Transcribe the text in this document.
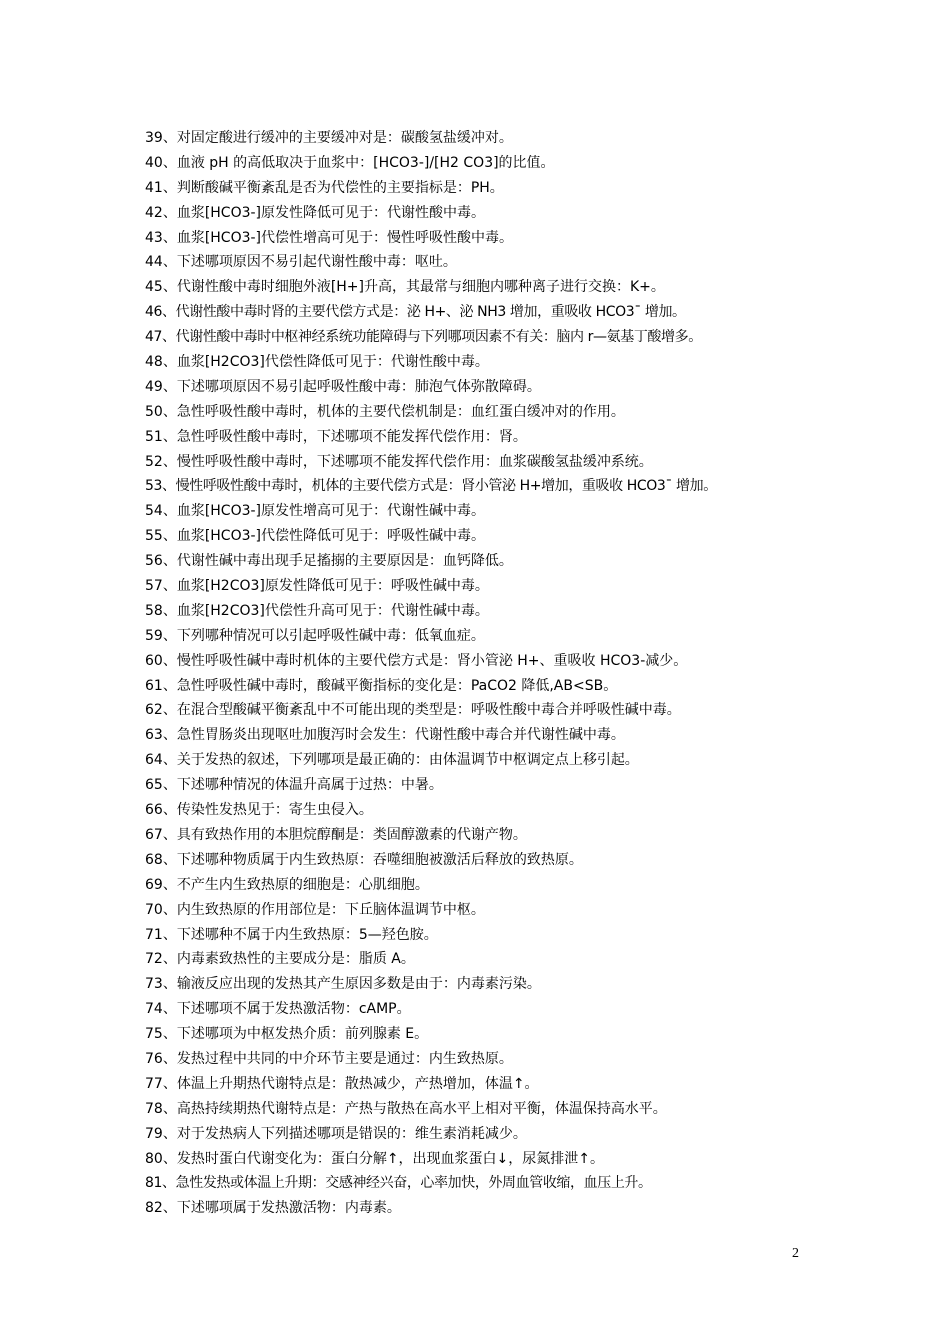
39、对固定酸进行缓冲的主要缓冲对是：碳酸氢盐缓冲对。
40、血液 pH 的高低取决于血浆中：[HCO3-]/[H2 CO3]的比值。
41、判断酸碱平衡紊乱是否为代偿性的主要指标是：PH。
42、血浆[HCO3-]原发性降低可见于：代谢性酸中毒。
43、血浆[HCO3-]代偿性增高可见于：慢性呼吸性酸中毒。
44、下述哪项原因不易引起代谢性酸中毒：呕吐。
45、代谢性酸中毒时细胞外液[H+]升高，其最常与细胞内哪种离子进行交换：K+。
46、代谢性酸中毒时肾的主要代偿方式是：泌 H+、泌 NH3 增加，重吸收 HCO3ˉ 增加。
47、代谢性酸中毒时中枢神经系统功能障碍与下列哪项因素不有关：脑内 r—氨基丁酸增多。
48、血浆[H2CO3]代偿性降低可见于：代谢性酸中毒。
49、下述哪项原因不易引起呼吸性酸中毒：肺泡气体弥散障碍。
50、急性呼吸性酸中毒时，机体的主要代偿机制是：血红蛋白缓冲对的作用。
51、急性呼吸性酸中毒时，下述哪项不能发挥代偿作用：肾。
52、慢性呼吸性酸中毒时，下述哪项不能发挥代偿作用：血浆碳酸氢盐缓冲系统。
53、慢性呼吸性酸中毒时，机体的主要代偿方式是：肾小管泌 H+增加，重吸收 HCO3ˉ 增加。
54、血浆[HCO3-]原发性增高可见于：代谢性碱中毒。
55、血浆[HCO3-]代偿性降低可见于：呼吸性碱中毒。
56、代谢性碱中毒出现手足搐搦的主要原因是：血钙降低。
57、血浆[H2CO3]原发性降低可见于：呼吸性碱中毒。
58、血浆[H2CO3]代偿性升高可见于：代谢性碱中毒。
59、下列哪种情况可以引起呼吸性碱中毒：低氧血症。
60、慢性呼吸性碱中毒时机体的主要代偿方式是：肾小管泌 H+、重吸收 HCO3-减少。
61、急性呼吸性碱中毒时，酸碱平衡指标的变化是：PaCO2 降低,AB<SB。
62、在混合型酸碱平衡紊乱中不可能出现的类型是：呼吸性酸中毒合并呼吸性碱中毒。
63、急性胃肠炎出现呕吐加腹泻时会发生：代谢性酸中毒合并代谢性碱中毒。
64、关于发热的叙述，下列哪项是最正确的：由体温调节中枢调定点上移引起。
65、下述哪种情况的体温升高属于过热：中暑。
66、传染性发热见于：寄生虫侵入。
67、具有致热作用的本胆烷醇酮是：类固醇激素的代谢产物。
68、下述哪种物质属于内生致热原：吞噬细胞被激活后释放的致热原。
69、不产生内生致热原的细胞是：心肌细胞。
70、内生致热原的作用部位是：下丘脑体温调节中枢。
71、下述哪种不属于内生致热原：5—羟色胺。
72、内毒素致热性的主要成分是：脂质 A。
73、输液反应出现的发热其产生原因多数是由于：内毒素污染。
74、下述哪项不属于发热激活物：cAMP。
75、下述哪项为中枢发热介质：前列腺素 E。
76、发热过程中共同的中介环节主要是通过：内生致热原。
77、体温上升期热代谢特点是：散热减少，产热增加，体温↑。
78、高热持续期热代谢特点是：产热与散热在高水平上相对平衡，体温保持高水平。
79、对于发热病人下列描述哪项是错误的：维生素消耗减少。
80、发热时蛋白代谢变化为：蛋白分解↑，出现血浆蛋白↓，尿氮排泄↑。
81、急性发热或体温上升期：交感神经兴奋，心率加快，外周血管收缩，血压上升。
82、下述哪项属于发热激活物：内毒素。
2
